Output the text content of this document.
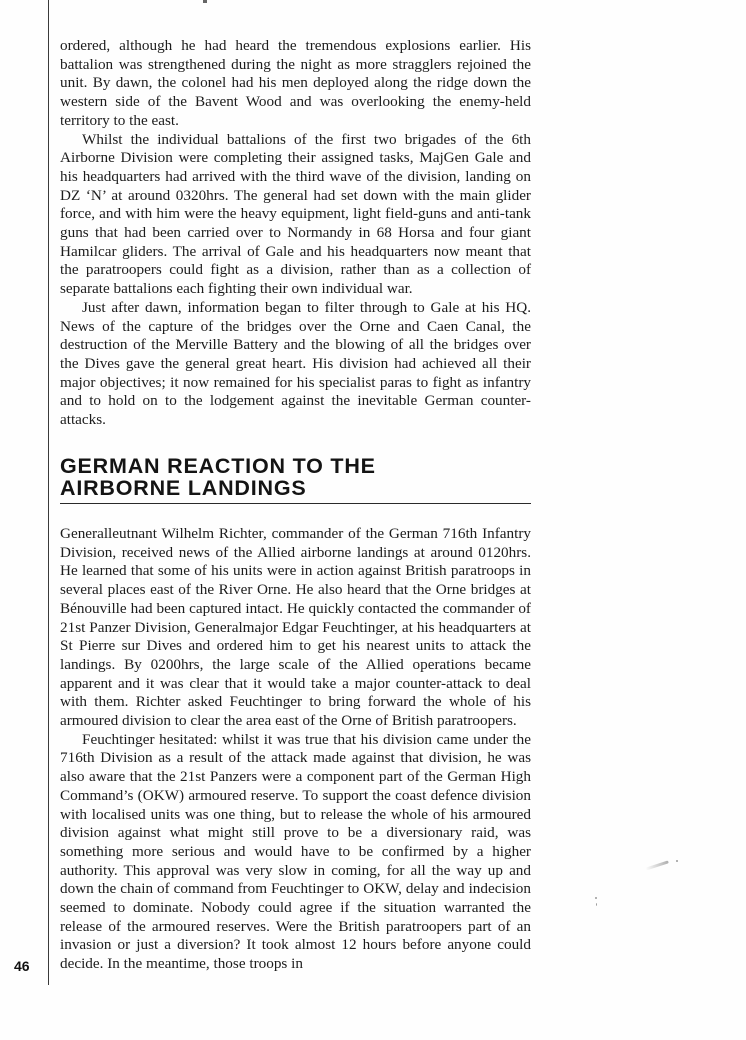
ordered, although he had heard the tremendous explosions earlier. His battalion was strengthened during the night as more stragglers rejoined the unit. By dawn, the colonel had his men deployed along the ridge down the western side of the Bavent Wood and was overlooking the enemy-held territory to the east.

Whilst the individual battalions of the first two brigades of the 6th Airborne Division were completing their assigned tasks, MajGen Gale and his headquarters had arrived with the third wave of the division, landing on DZ ‘N’ at around 0320hrs. The general had set down with the main glider force, and with him were the heavy equipment, light field-guns and anti-tank guns that had been carried over to Normandy in 68 Horsa and four giant Hamilcar gliders. The arrival of Gale and his headquarters now meant that the paratroopers could fight as a division, rather than as a collection of separate battalions each fighting their own individual war.

Just after dawn, information began to filter through to Gale at his HQ. News of the capture of the bridges over the Orne and Caen Canal, the destruction of the Merville Battery and the blowing of all the bridges over the Dives gave the general great heart. His division had achieved all their major objectives; it now remained for his specialist paras to fight as infantry and to hold on to the lodgement against the inevitable German counter-attacks.

GERMAN REACTION TO THE
AIRBORNE LANDINGS

Generalleutnant Wilhelm Richter, commander of the German 716th Infantry Division, received news of the Allied airborne landings at around 0120hrs. He learned that some of his units were in action against British paratroops in several places east of the River Orne. He also heard that the Orne bridges at Bénouville had been captured intact. He quickly contacted the commander of 21st Panzer Division, Generalmajor Edgar Feuchtinger, at his headquarters at St Pierre sur Dives and ordered him to get his nearest units to attack the landings. By 0200hrs, the large scale of the Allied operations became apparent and it was clear that it would take a major counter-attack to deal with them. Richter asked Feuchtinger to bring forward the whole of his armoured division to clear the area east of the Orne of British paratroopers.

Feuchtinger hesitated: whilst it was true that his division came under the 716th Division as a result of the attack made against that division, he was also aware that the 21st Panzers were a component part of the German High Command’s (OKW) armoured reserve. To support the coast defence division with localised units was one thing, but to release the whole of his armoured division against what might still prove to be a diversionary raid, was something more serious and would have to be confirmed by a higher authority. This approval was very slow in coming, for all the way up and down the chain of command from Feuchtinger to OKW, delay and indecision seemed to dominate. Nobody could agree if the situation warranted the release of the armoured reserves. Were the British paratroopers part of an invasion or just a diversion? It took almost 12 hours before anyone could decide. In the meantime, those troops in

46
